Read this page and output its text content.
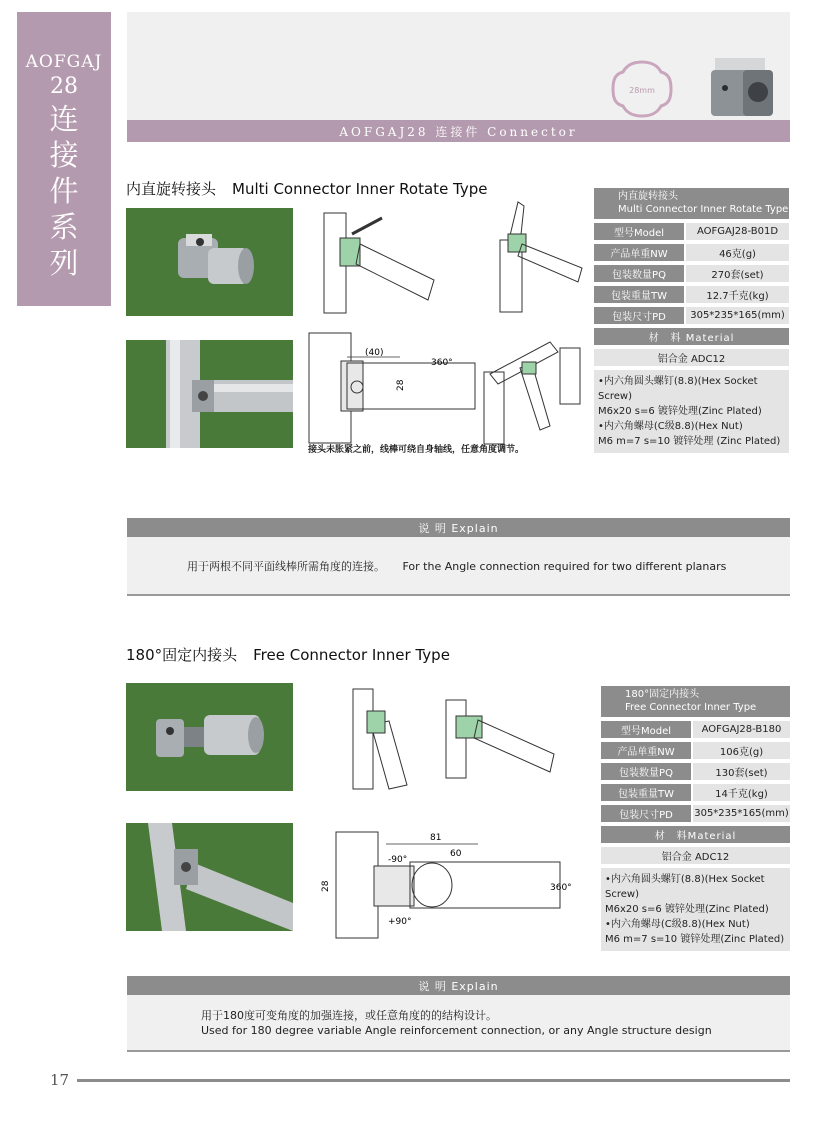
AOFGAJ
28
连
接
件
系
列
28mm
AOFGAJ28 连接件 Connector
内直旋转接头 Multi Connector Inner Rotate Type
(40)
28
360°
接头未胀紧之前，线棒可绕自身轴线，任意角度调节。
内直旋转接头
Multi Connector Inner Rotate Type
型号Model	AOFGAJ28-B01D
产品单重NW	46克(g)
包装数量PQ	270套(set)
包装重量TW	12.7千克(kg)
包装尺寸PD	305*235*165(mm)
材　料 Material
铝合金 ADC12
•内六角圆头螺钉(8.8)(Hex Socket Screw)
M6x20 s=6 镀锌处理(Zinc Plated)
•内六角螺母(C级8.8)(Hex Nut)
M6 m=7 s=10 镀锌处理 (Zinc Plated)
说 明 Explain
用于两根不同平面线棒所需角度的连接。 For the Angle connection required for two different planars
180°固定内接头 Free Connector Inner Type
81
60
28
-90°
+90°
360°
180°固定内接头
Free Connector Inner Type
型号Model	AOFGAJ28-B180
产品单重NW	106克(g)
包装数量PQ	130套(set)
包装重量TW	14千克(kg)
包装尺寸PD	305*235*165(mm)
材　料Material
铝合金 ADC12
•内六角圆头螺钉(8.8)(Hex Socket Screw)
M6x20 s=6 镀锌处理(Zinc Plated)
•内六角螺母(C级8.8)(Hex Nut)
M6 m=7 s=10 镀锌处理(Zinc Plated)
说 明 Explain
用于180度可变角度的加强连接，或任意角度的的结构设计。
Used for 180 degree variable Angle reinforcement connection, or any Angle structure design
17
